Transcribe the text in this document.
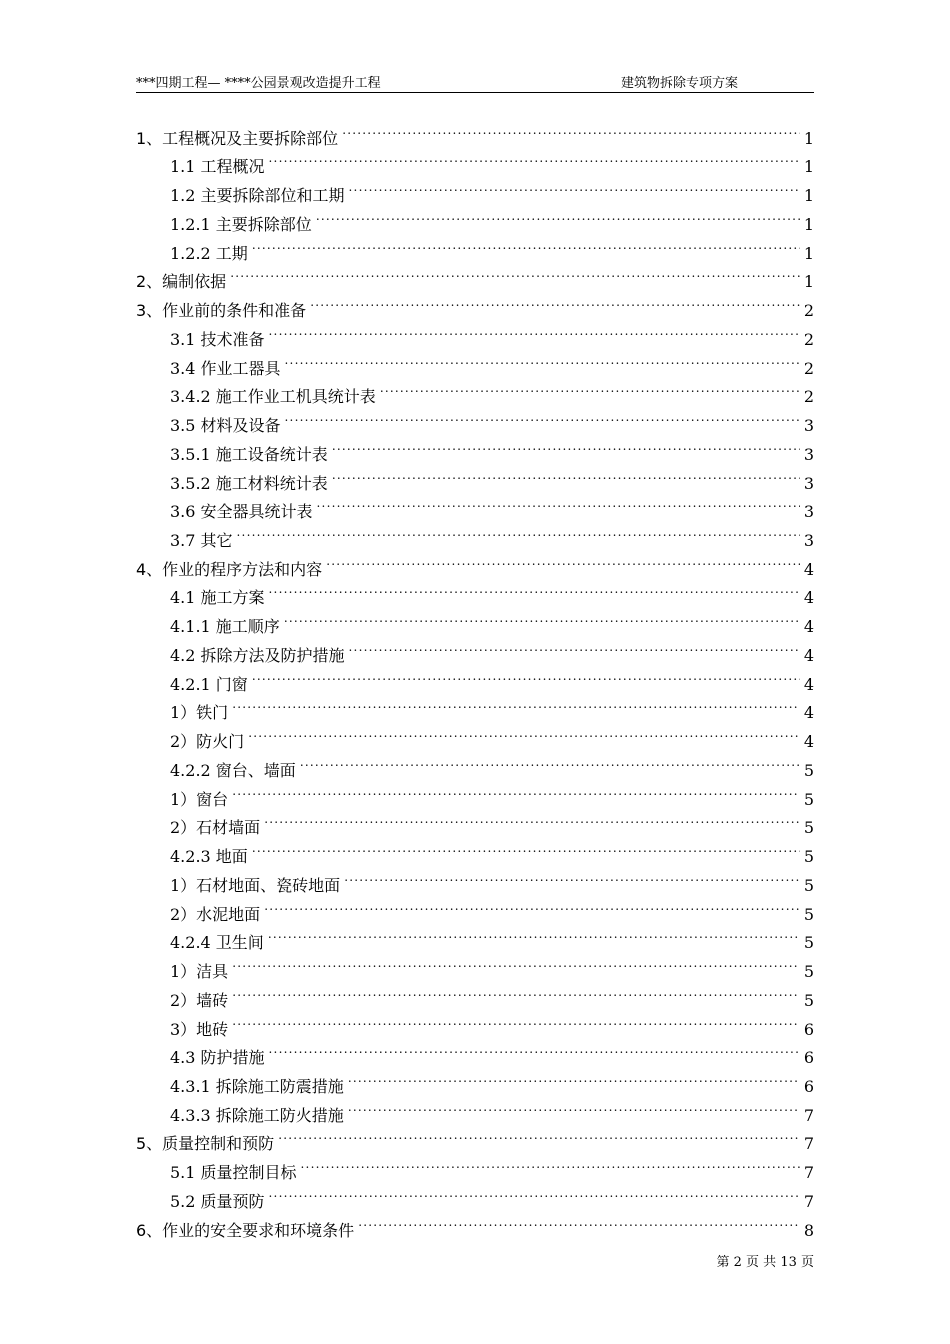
***四期工程— ****公园景观改造提升工程	建筑物拆除专项方案
1、工程概况及主要拆除部位 .....	1
1.1 工程概况 .....	1
1.2 主要拆除部位和工期 .....	1
1.2.1 主要拆除部位 .....	1
1.2.2 工期 .....	1
2、编制依据 .....	1
3、作业前的条件和准备 .....	2
3.1 技术准备 .....	2
3.4 作业工器具 .....	2
3.4.2 施工作业工机具统计表 .....	2
3.5 材料及设备 .....	3
3.5.1 施工设备统计表 .....	3
3.5.2 施工材料统计表 .....	3
3.6 安全器具统计表 .....	3
3.7 其它 .....	3
4、作业的程序方法和内容 .....	4
4.1 施工方案 .....	4
4.1.1 施工顺序 .....	4
4.2 拆除方法及防护措施 .....	4
4.2.1 门窗 .....	4
1）铁门 .....	4
2）防火门 .....	4
4.2.2 窗台、墙面 .....	5
1）窗台 .....	5
2）石材墙面 .....	5
4.2.3 地面 .....	5
1）石材地面、瓷砖地面 .....	5
2）水泥地面 .....	5
4.2.4 卫生间 .....	5
1）洁具 .....	5
2）墙砖 .....	5
3）地砖 .....	6
4.3 防护措施 .....	6
4.3.1 拆除施工防震措施 .....	6
4.3.3 拆除施工防火措施 .....	7
5、质量控制和预防 .....	7
5.1 质量控制目标 .....	7
5.2 质量预防 .....	7
6、作业的安全要求和环境条件 .....	8
第 2 页 共 13 页
